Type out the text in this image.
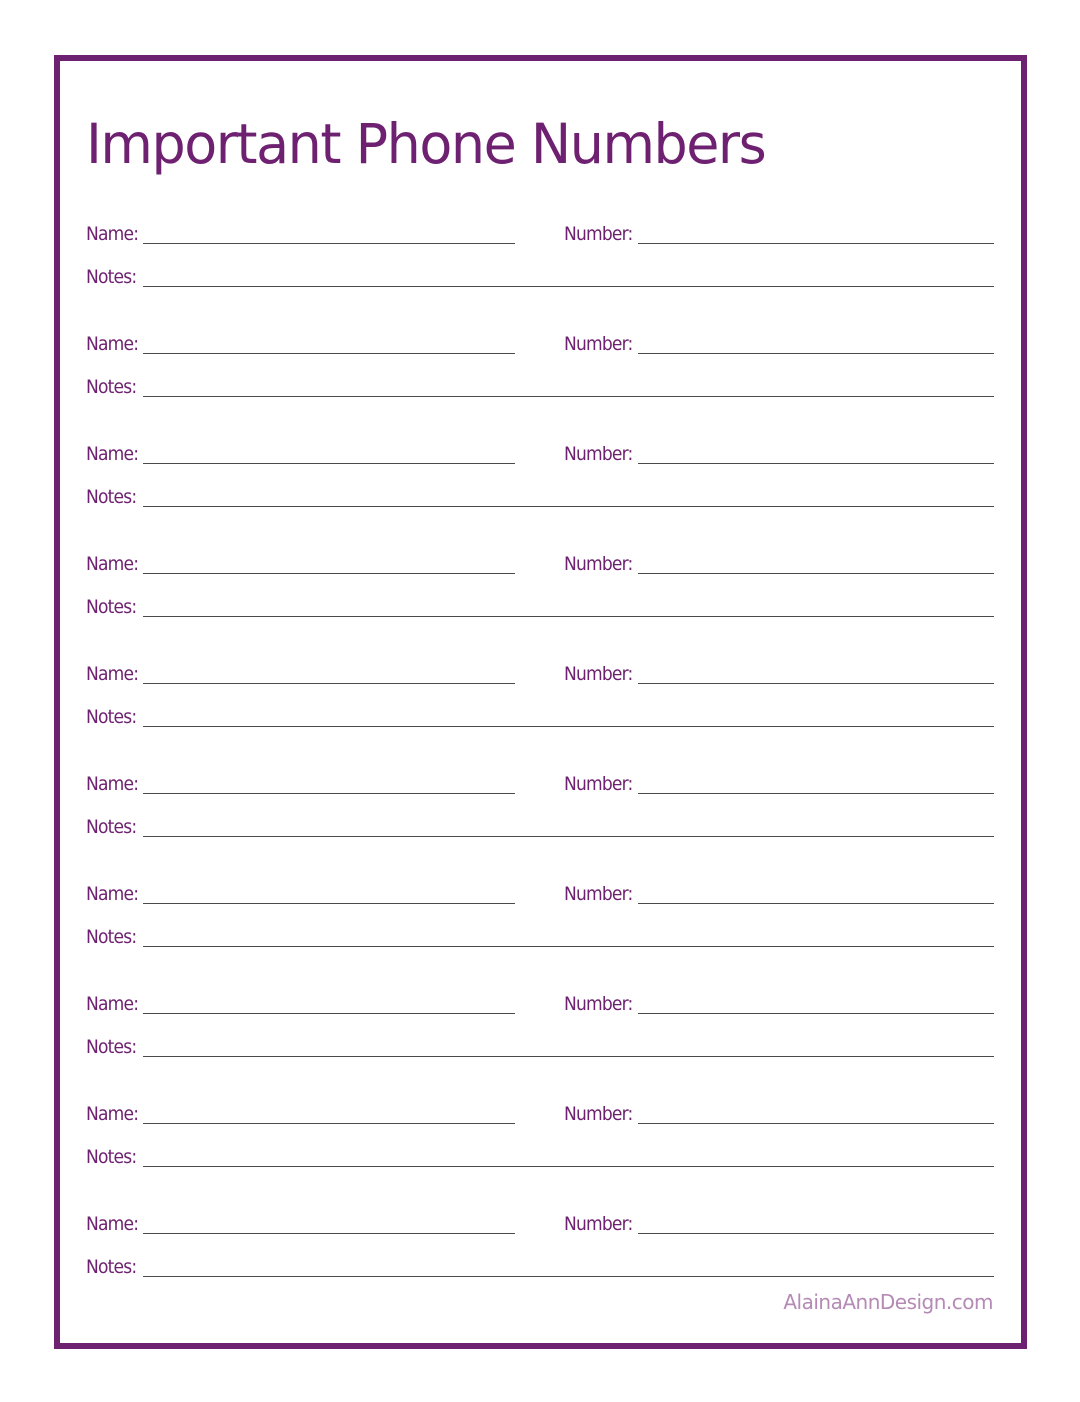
Important Phone Numbers
Name:	Number:
Notes:
Name:	Number:
Notes:
Name:	Number:
Notes:
Name:	Number:
Notes:
Name:	Number:
Notes:
Name:	Number:
Notes:
Name:	Number:
Notes:
Name:	Number:
Notes:
Name:	Number:
Notes:
Name:	Number:
Notes:
AlainaAnnDesign.com
